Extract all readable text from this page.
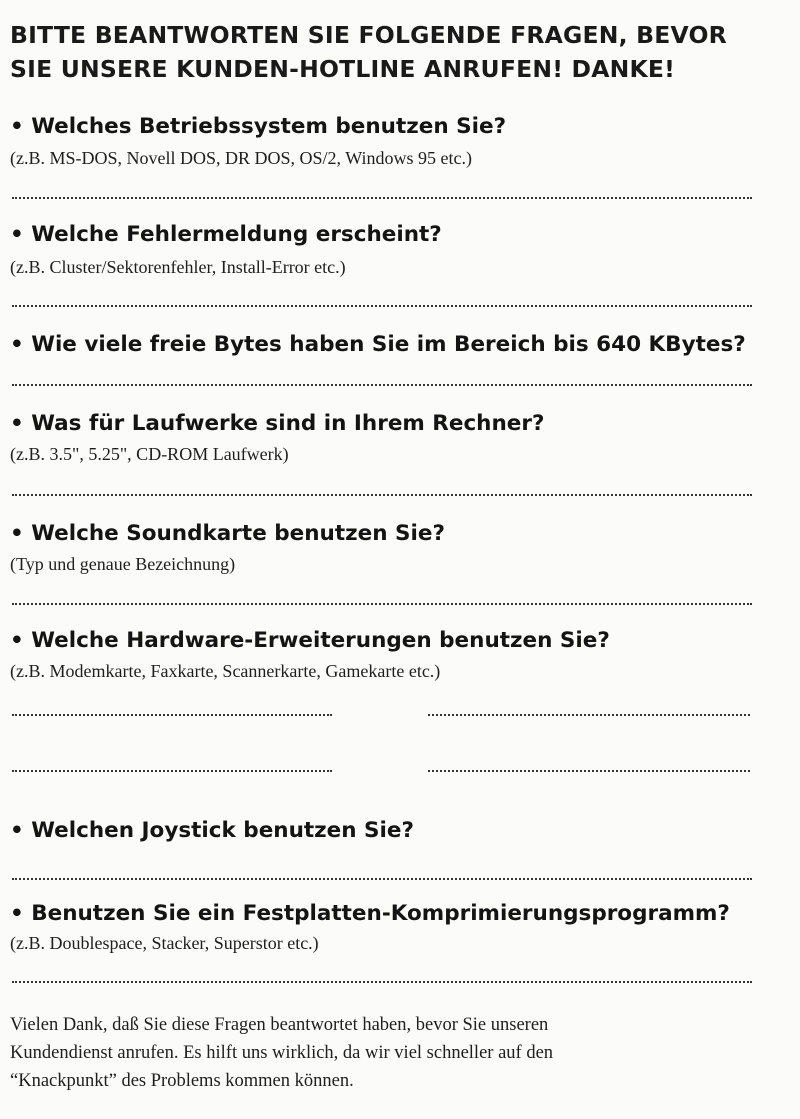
BITTE BEANTWORTEN SIE FOLGENDE FRAGEN, BEVOR
SIE UNSERE KUNDEN-HOTLINE ANRUFEN! DANKE!
• Welches Betriebssystem benutzen Sie?
(z.B. MS-DOS, Novell DOS, DR DOS, OS/2, Windows 95 etc.)
• Welche Fehlermeldung erscheint?
(z.B. Cluster/Sektorenfehler, Install-Error etc.)
• Wie viele freie Bytes haben Sie im Bereich bis 640 KBytes?
• Was für Laufwerke sind in Ihrem Rechner?
(z.B. 3.5", 5.25", CD-ROM Laufwerk)
• Welche Soundkarte benutzen Sie?
(Typ und genaue Bezeichnung)
• Welche Hardware-Erweiterungen benutzen Sie?
(z.B. Modemkarte, Faxkarte, Scannerkarte, Gamekarte etc.)
• Welchen Joystick benutzen Sie?
• Benutzen Sie ein Festplatten-Komprimierungsprogramm?
(z.B. Doublespace, Stacker, Superstor etc.)
Vielen Dank, daß Sie diese Fragen beantwortet haben, bevor Sie unseren
Kundendienst anrufen. Es hilft uns wirklich, da wir viel schneller auf den
“Knackpunkt” des Problems kommen können.
